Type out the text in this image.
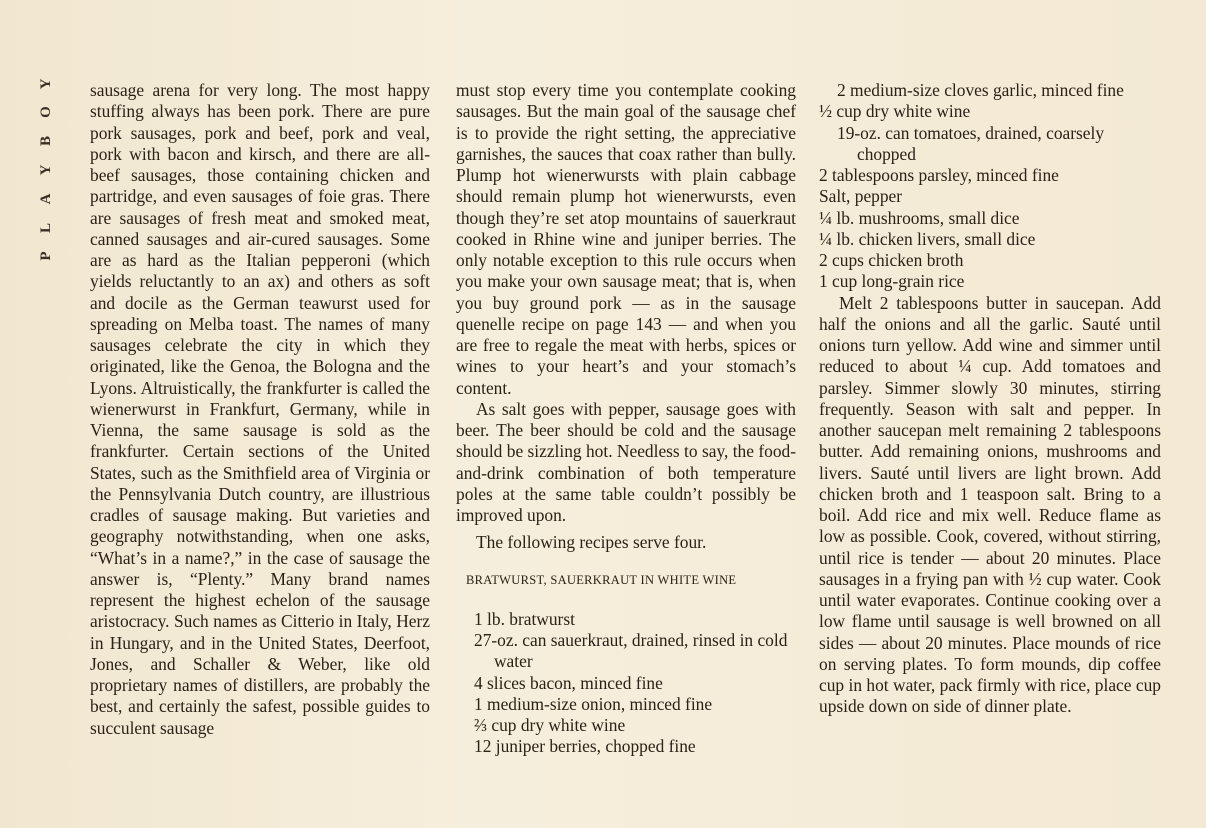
Y
O
B
Y
A
L
P

sausage arena for very long. The most happy stuffing always has been pork. There are pure pork sausages, pork and beef, pork and veal, pork with bacon and kirsch, and there are all-beef sausages, those containing chicken and partridge, and even sausages of foie gras. There are sausages of fresh meat and smoked meat, canned sausages and air-cured sausages. Some are as hard as the Italian pepperoni (which yields reluctantly to an ax) and others as soft and docile as the German teawurst used for spreading on Melba toast. The names of many sausages celebrate the city in which they originated, like the Genoa, the Bologna and the Lyons. Altruistically, the frankfurter is called the wienerwurst in Frankfurt, Germany, while in Vienna, the same sausage is sold as the frankfurter. Certain sections of the United States, such as the Smithfield area of Virginia or the Pennsylvania Dutch country, are illustrious cradles of sausage making. But varieties and geography notwithstanding, when one asks, “What’s in a name?,” in the case of sausage the answer is, “Plenty.” Many brand names represent the highest echelon of the sausage aristocracy. Such names as Citterio in Italy, Herz in Hungary, and in the United States, Deerfoot, Jones, and Schaller & Weber, like old proprietary names of distillers, are probably the best, and certainly the safest, possible guides to succulent sausage

must stop every time you contemplate cooking sausages. But the main goal of the sausage chef is to provide the right setting, the appreciative garnishes, the sauces that coax rather than bully. Plump hot wienerwursts with plain cabbage should remain plump hot wienerwursts, even though they’re set atop mountains of sauerkraut cooked in Rhine wine and juniper berries. The only notable exception to this rule occurs when you make your own sausage meat; that is, when you buy ground pork — as in the sausage quenelle recipe on page 143 — and when you are free to regale the meat with herbs, spices or wines to your heart’s and your stomach’s content.

As salt goes with pepper, sausage goes with beer. The beer should be cold and the sausage should be sizzling hot. Needless to say, the food-and-drink combination of both temperature poles at the same table couldn’t possibly be improved upon.

The following recipes serve four.

BRATWURST, SAUERKRAUT IN WHITE WINE

1 lb. bratwurst

27-oz. can sauerkraut, drained, rinsed in cold water

4 slices bacon, minced fine

1 medium-size onion, minced fine

⅔ cup dry white wine

12 juniper berries, chopped fine

2 medium-size cloves garlic, minced fine

½ cup dry white wine

19-oz. can tomatoes, drained, coarsely chopped

2 tablespoons parsley, minced fine

Salt, pepper

¼ lb. mushrooms, small dice

¼ lb. chicken livers, small dice

2 cups chicken broth

1 cup long-grain rice

Melt 2 tablespoons butter in saucepan. Add half the onions and all the garlic. Sauté until onions turn yellow. Add wine and simmer until reduced to about ¼ cup. Add tomatoes and parsley. Simmer slowly 30 minutes, stirring frequently. Season with salt and pepper. In another saucepan melt remaining 2 tablespoons butter. Add remaining onions, mushrooms and livers. Sauté until livers are light brown. Add chicken broth and 1 teaspoon salt. Bring to a boil. Add rice and mix well. Reduce flame as low as possible. Cook, covered, without stirring, until rice is tender — about 20 minutes. Place sausages in a frying pan with ½ cup water. Cook until water evaporates. Continue cooking over a low flame until sausage is well browned on all sides — about 20 minutes. Place mounds of rice on serving plates. To form mounds, dip coffee cup in hot water, pack firmly with rice, place cup upside down on side of dinner plate.
